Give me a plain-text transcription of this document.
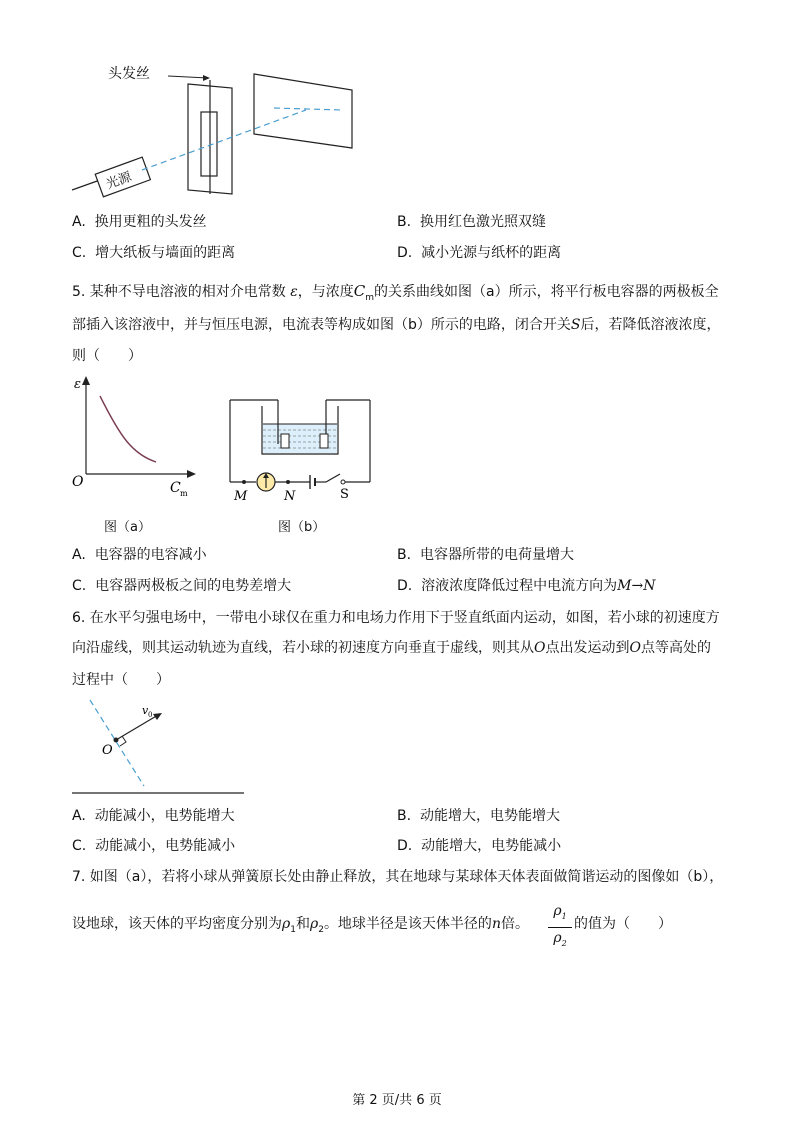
光源
头发丝
A. 换用更粗的头发丝	B. 换用红色激光照双缝
C. 增大纸板与墙面的距离	D. 减小光源与纸杯的距离
5. 某种不导电溶液的相对介电常数 ε，与浓度$C_m$的关系曲线如图（a）所示，将平行板电容器的两极板全
部插入该溶液中，并与恒压电源，电流表等构成如图（b）所示的电路，闭合开关S后，若降低溶液浓度，
则（　　）
ε
O	C m
图（a）
M	N	S
图（b）
A. 电容器的电容减小	B. 电容器所带的电荷量增大
C. 电容器两极板之间的电势差增大	D. 溶液浓度降低过程中电流方向为M→N
6. 在水平匀强电场中，一带电小球仅在重力和电场力作用下于竖直纸面内运动，如图，若小球的初速度方
向沿虚线，则其运动轨迹为直线，若小球的初速度方向垂直于虚线，则其从O点出发运动到O点等高处的
过程中（　　）
v 0
O
A. 动能减小，电势能增大	B. 动能增大，电势能增大
C. 动能减小，电势能减小	D. 动能增大，电势能减小
7. 如图（a），若将小球从弹簧原长处由静止释放，其在地球与某球体天体表面做简谐运动的图像如（b），
设地球，该天体的平均密度分别为$\rho_1$和$\rho_2$。地球半径是该天体半径的n倍。
$\rho_1$
$\rho_2$
的值为（　　）
第 2 页/共 6 页
